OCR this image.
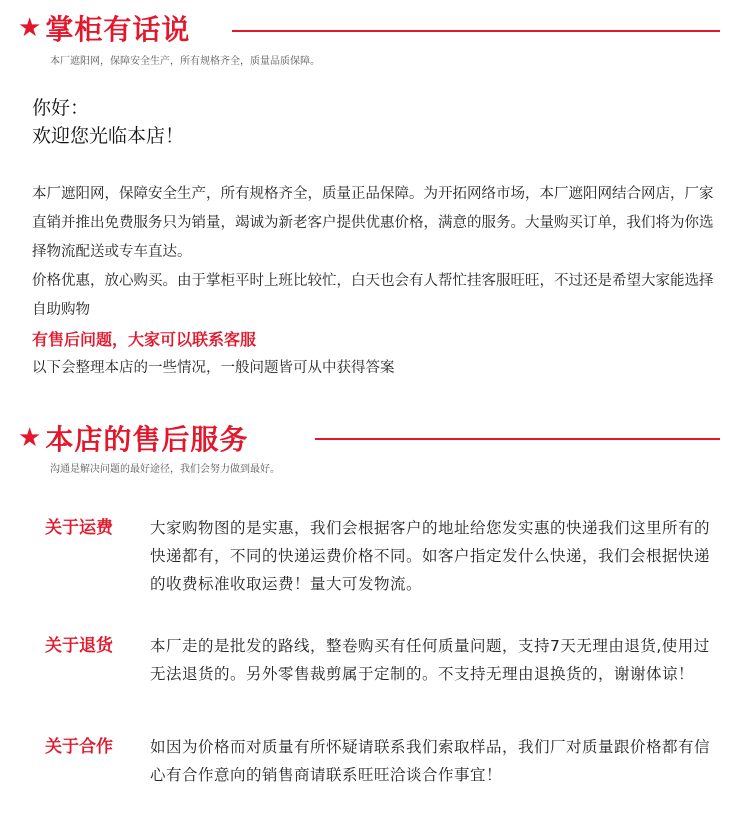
★ 掌柜有话说
本厂遮阳网，保障安全生产，所有规格齐全，质量品质保障。
你好：
欢迎您光临本店！

本厂遮阳网，保障安全生产，所有规格齐全，质量正品保障。为开拓网络市场，本厂遮阳网结合网店，厂家直销并推出免费服务只为销量，竭诚为新老客户提供优惠价格，满意的服务。大量购买订单，我们将为你选择物流配送或专车直达。

价格优惠，放心购买。由于掌柜平时上班比较忙，白天也会有人帮忙挂客服旺旺，不过还是希望大家能选择自助购物

有售后问题，大家可以联系客服

以下会整理本店的一些情况，一般问题皆可从中获得答案

★ 本店的售后服务
沟通是解决问题的最好途径，我们会努力做到最好。
关于运费	大家购物图的是实惠，我们会根据客户的地址给您发实惠的快递我们这里所有的快递都有，不同的快递运费价格不同。如客户指定发什么快递，我们会根据快递的收费标准收取运费！量大可发物流。
关于退货	本厂走的是批发的路线，整卷购买有任何质量问题，支持7天无理由退货,使用过无法退货的。另外零售裁剪属于定制的。不支持无理由退换货的，谢谢体谅！
关于合作	如因为价格而对质量有所怀疑请联系我们索取样品，我们厂对质量跟价格都有信心有合作意向的销售商请联系旺旺洽谈合作事宜！
